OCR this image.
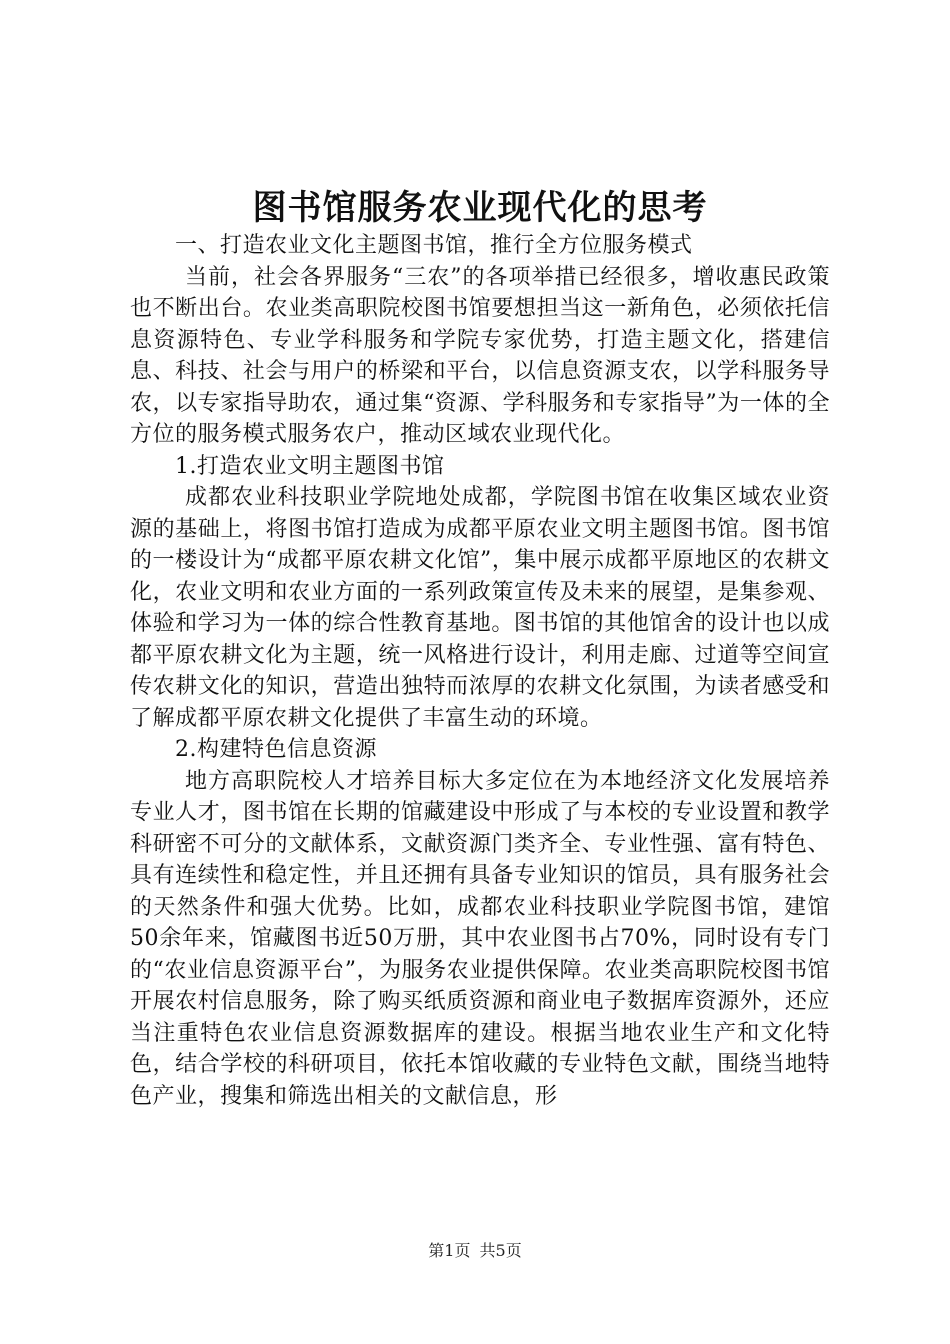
图书馆服务农业现代化的思考

一、打造农业文化主题图书馆，推行全方位服务模式

当前，社会各界服务“三农”的各项举措已经很多，增收惠民政策也不断出台。农业类高职院校图书馆要想担当这一新角色，必须依托信息资源特色、专业学科服务和学院专家优势，打造主题文化，搭建信息、科技、社会与用户的桥梁和平台，以信息资源支农，以学科服务导农，以专家指导助农，通过集“资源、学科服务和专家指导”为一体的全方位的服务模式服务农户，推动区域农业现代化。

1.打造农业文明主题图书馆

成都农业科技职业学院地处成都，学院图书馆在收集区域农业资源的基础上，将图书馆打造成为成都平原农业文明主题图书馆。图书馆的一楼设计为“成都平原农耕文化馆”，集中展示成都平原地区的农耕文化，农业文明和农业方面的一系列政策宣传及未来的展望，是集参观、体验和学习为一体的综合性教育基地。图书馆的其他馆舍的设计也以成都平原农耕文化为主题，统一风格进行设计，利用走廊、过道等空间宣传农耕文化的知识，营造出独特而浓厚的农耕文化氛围，为读者感受和了解成都平原农耕文化提供了丰富生动的环境。

2.构建特色信息资源

地方高职院校人才培养目标大多定位在为本地经济文化发展培养专业人才，图书馆在长期的馆藏建设中形成了与本校的专业设置和教学科研密不可分的文献体系，文献资源门类齐全、专业性强、富有特色、具有连续性和稳定性，并且还拥有具备专业知识的馆员，具有服务社会的天然条件和强大优势。比如，成都农业科技职业学院图书馆，建馆50余年来，馆藏图书近50万册，其中农业图书占70%，同时设有专门的“农业信息资源平台”，为服务农业提供保障。农业类高职院校图书馆开展农村信息服务，除了购买纸质资源和商业电子数据库资源外，还应当注重特色农业信息资源数据库的建设。根据当地农业生产和文化特色，结合学校的科研项目，依托本馆收藏的专业特色文献，围绕当地特色产业，搜集和筛选出相关的文献信息，形

第1页 共5页
